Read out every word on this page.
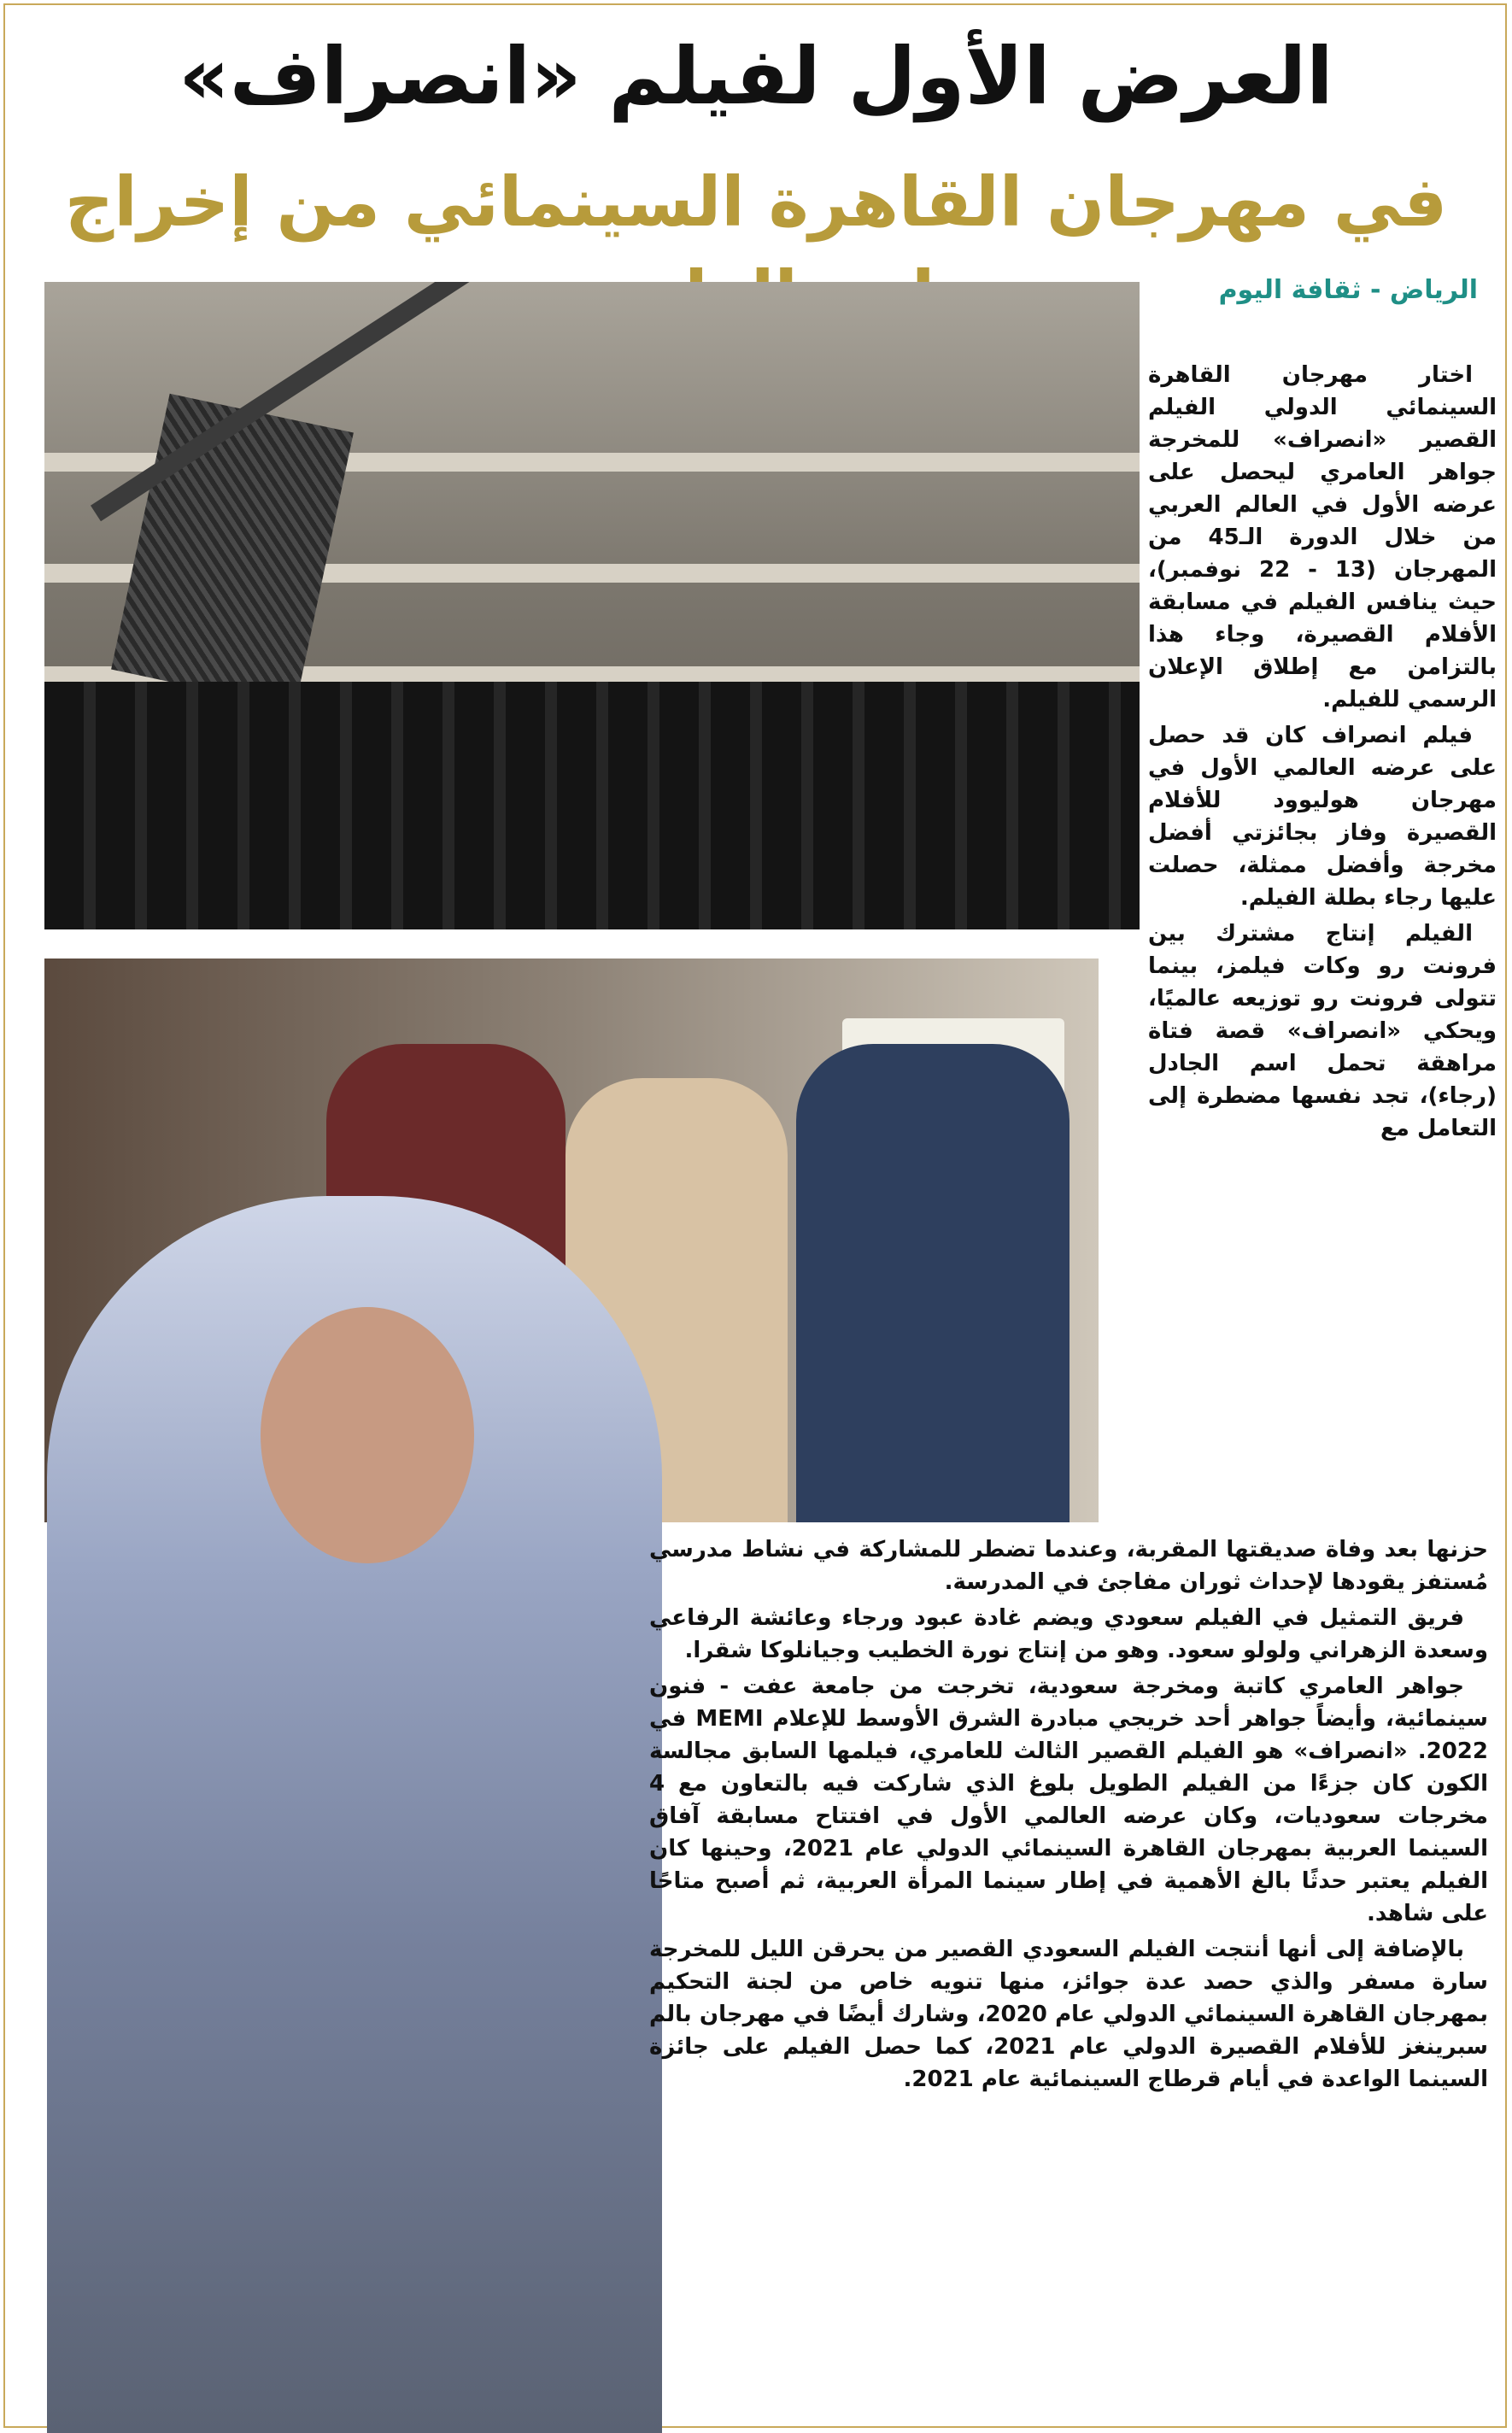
العرض الأول لفيلم «انصراف»
في مهرجان القاهرة السينمائي من إخراج
الرياض - ثقافة اليوم

اختار مهرجان القاهرة السينمائي الدولي الفيلم القصير «انصراف» للمخرجة جواهر العامري ليحصل على عرضه الأول في العالم العربي من خلال الدورة الـ45 من المهرجان (13 - 22 نوفمبر)، حيث ينافس الفيلم في مسابقة الأفلام القصيرة، وجاء هذا بالتزامن مع إطلاق الإعلان الرسمي للفيلم.

فيلم انصراف كان قد حصل على عرضه العالمي الأول في مهرجان هوليوود للأفلام القصيرة وفاز بجائزتي أفضل مخرجة وأفضل ممثلة، حصلت عليها رجاء بطلة الفيلم.

الفيلم إنتاج مشترك بين فرونت رو وكات فيلمز، بينما تتولى فرونت رو توزيعه عالميًا، ويحكي «انصراف» قصة فتاة مراهقة تحمل اسم الجادل (رجاء)، تجد نفسها مضطرة إلى التعامل مع

حزنها بعد وفاة صديقتها المقربة، وعندما تضطر للمشاركة في نشاط مدرسي مُستفز يقودها لإحداث ثوران مفاجئ في المدرسة.

فريق التمثيل في الفيلم سعودي ويضم غادة عبود ورجاء وعائشة الرفاعي وسعدة الزهراني ولولو سعود. وهو من إنتاج نورة الخطيب وجيانلوكا شقرا.

جواهر العامري كاتبة ومخرجة سعودية، تخرجت من جامعة عفت - فنون سينمائية، وأيضاً جواهر أحد خريجي مبادرة الشرق الأوسط للإعلام MEMI في 2022. «انصراف» هو الفيلم القصير الثالث للعامري، فيلمها السابق مجالسة الكون كان جزءًا من الفيلم الطويل بلوغ الذي شاركت فيه بالتعاون مع 4 مخرجات سعوديات، وكان عرضه العالمي الأول في افتتاح مسابقة آفاق السينما العربية بمهرجان القاهرة السينمائي الدولي عام 2021، وحينها كان الفيلم يعتبر حدثًا بالغ الأهمية في إطار سينما المرأة العربية، ثم أصبح متاحًا على شاهد.

بالإضافة إلى أنها أنتجت الفيلم السعودي القصير من يحرقن الليل للمخرجة سارة مسفر والذي حصد عدة جوائز، منها تنويه خاص من لجنة التحكيم بمهرجان القاهرة السينمائي الدولي عام 2020، وشارك أيضًا في مهرجان بالم سبرينغز للأفلام القصيرة الدولي عام 2021، كما حصل الفيلم على جائزة السينما الواعدة في أيام قرطاج السينمائية عام 2021.
